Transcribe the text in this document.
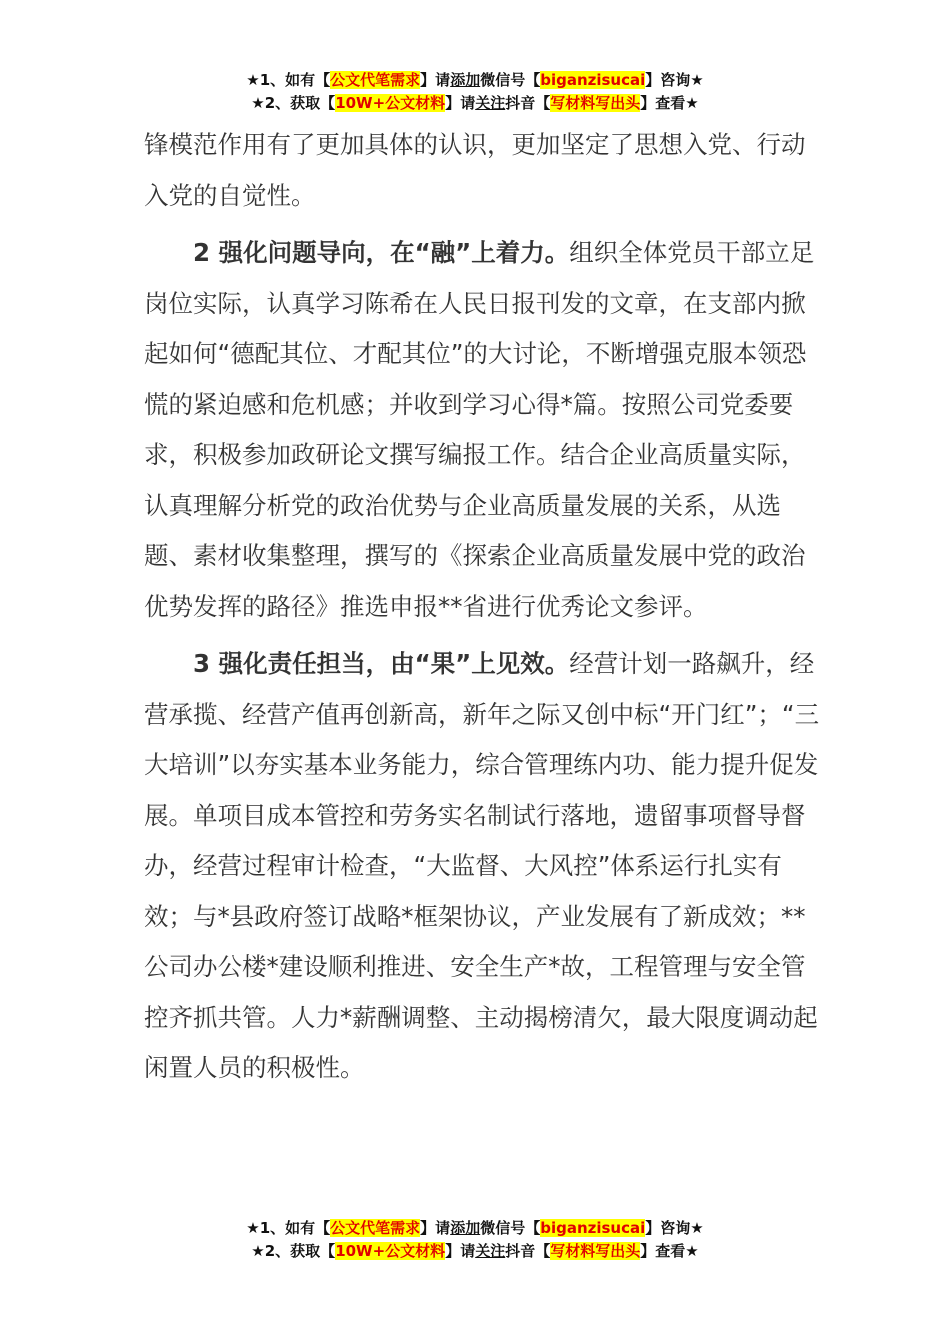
★1、如有【公文代笔需求】请添加微信号【biganzisucai】咨询★
★2、获取【10W+公文材料】请关注抖音【写材料写出头】查看★

锋模范作用有了更加具体的认识，更加坚定了思想入党、行动入党的自觉性。

2 强化问题导向，在“融”上着力。组织全体党员干部立足岗位实际，认真学习陈希在人民日报刊发的文章，在支部内掀起如何“德配其位、才配其位”的大讨论，不断增强克服本领恐慌的紧迫感和危机感；并收到学习心得*篇。按照公司党委要求，积极参加政研论文撰写编报工作。结合企业高质量实际，认真理解分析党的政治优势与企业高质量发展的关系，从选题、素材收集整理，撰写的《探索企业高质量发展中党的政治优势发挥的路径》推选申报**省进行优秀论文参评。

3 强化责任担当，由“果”上见效。经营计划一路飙升，经营承揽、经营产值再创新高，新年之际又创中标“开门红”；“三大培训”以夯实基本业务能力，综合管理练内功、能力提升促发展。单项目成本管控和劳务实名制试行落地，遗留事项督导督办，经营过程审计检查，“大监督、大风控”体系运行扎实有效；与*县政府签订战略*框架协议，产业发展有了新成效；**公司办公楼*建设顺利推进、安全生产*故，工程管理与安全管控齐抓共管。人力*薪酬调整、主动揭榜清欠，最大限度调动起闲置人员的积极性。

★1、如有【公文代笔需求】请添加微信号【biganzisucai】咨询★
★2、获取【10W+公文材料】请关注抖音【写材料写出头】查看★
